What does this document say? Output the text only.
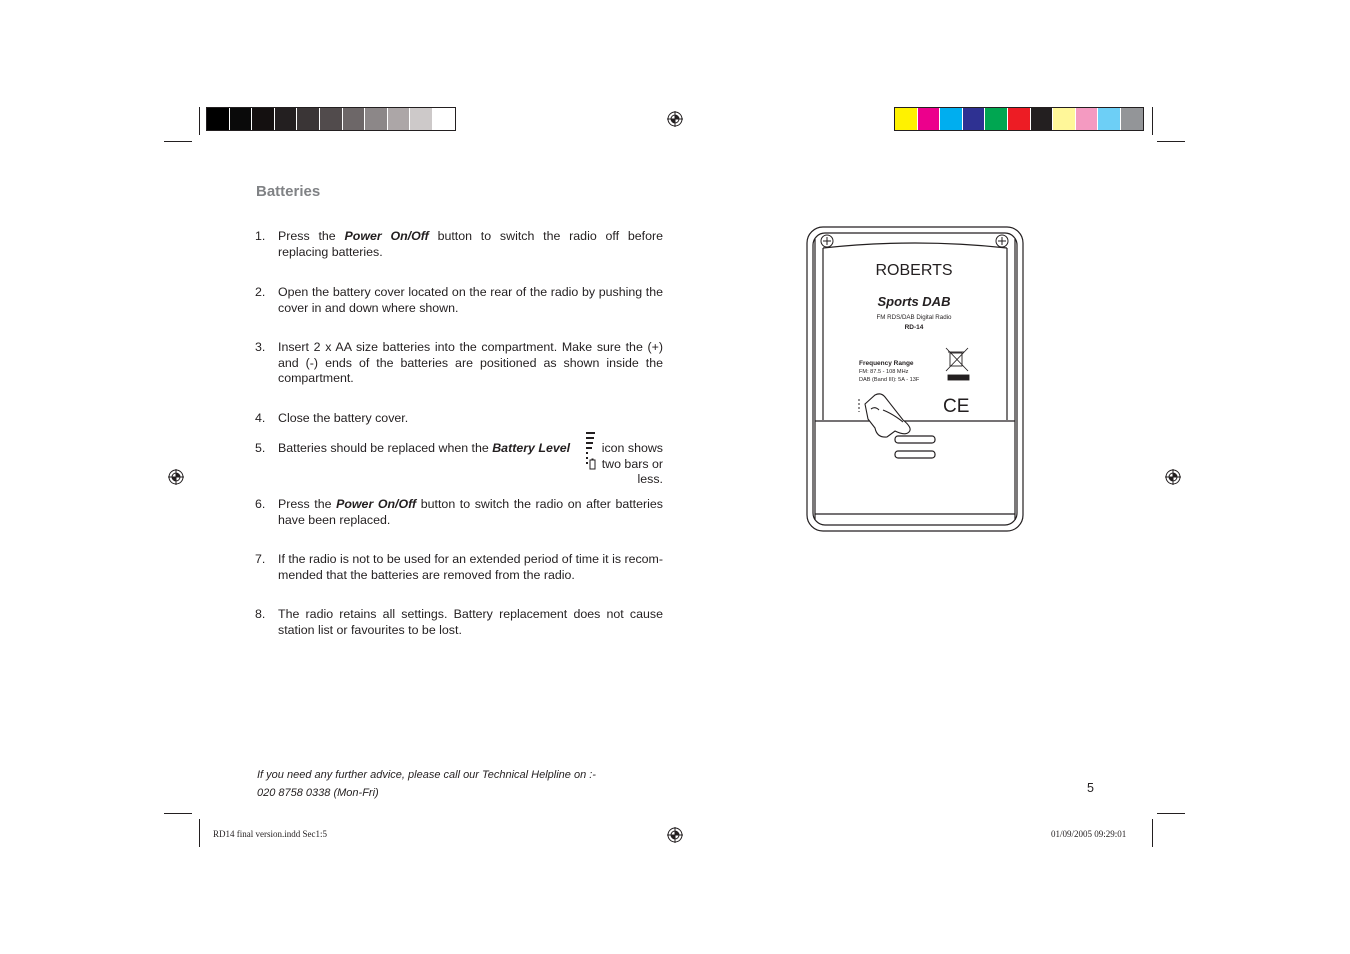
Batteries
1.	Press the Power On/Off button to switch the radio off before replacing batteries.
2.	Open the battery cover located on the rear of the radio by pushing the cover in and down where shown.
3.	Insert 2 x AA size batteries into the compartment. Make sure the (+) and (-) ends of the batteries are positioned as shown inside the compartment.
4.	Close the battery cover.
5.	Batteries should be replaced when the Battery Level	icon shows two bars or less.
6.	Press the Power On/Off button to switch the radio on after batteries have been replaced.
7.	If the radio is not to be used for an extended period of time it is recom-mended that the batteries are removed from the radio.
8.	The radio retains all settings. Battery replacement does not cause station list or favourites to be lost.
ROBERTS
Sports DAB
FM RDS/DAB Digital Radio
RD-14
Frequency Range
FM: 87.5 - 108 MHz
DAB (Band III): 5A - 13F
CE
If you need any further advice, please call our Technical Helpline on :-
020 8758 0338 (Mon-Fri)	5
RD14 final version.indd Sec1:5	01/09/2005 09:29:01
